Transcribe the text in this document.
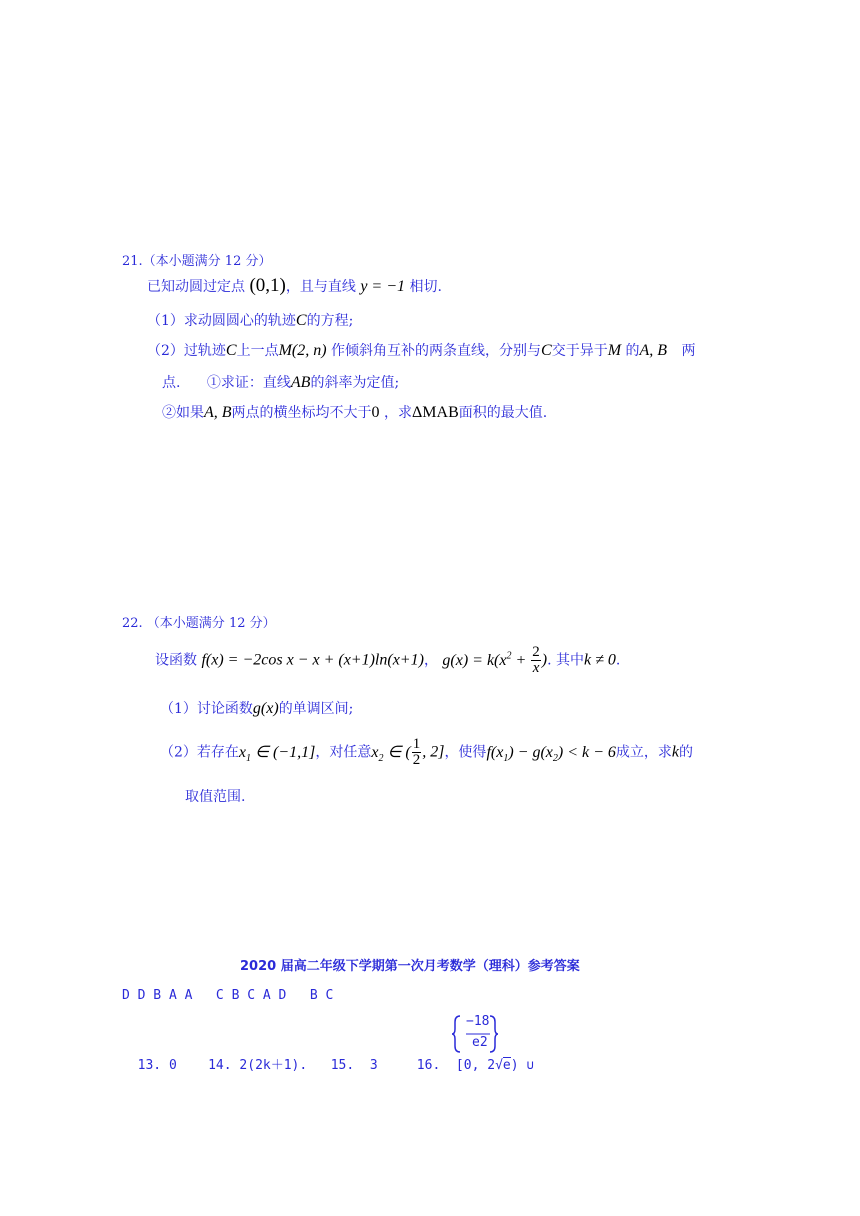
21.（本小题满分 12 分）
已知动圆过定点 (0,1)，且与直线 y = −1 相切.
（1）求动圆圆心的轨迹C的方程;
（2）过轨迹C上一点M(2, n) 作倾斜角互补的两条直线，分别与C交于异于M 的A, B 两
点. ①求证：直线AB的斜率为定值;
②如果A, B两点的横坐标均不大于0 ，求ΔMAB面积的最大值.
22. （本小题满分 12 分）
设函数 f(x) = −2cos x − x + (x+1)ln(x+1)， $g(x) = k(x^2 + \frac{2}{x}$ ). 其中k ≠ 0.
（1）讨论函数g(x)的单调区间;
（2）若存在$x_1$ ∈ (−1,1]，对任意$x_2$ ∈ ( $\frac{1}{2}$ , 2]，使得$f(x_1) - g(x_2) < k - 6$成立，求k的
取值范围.
2020 届高二年级下学期第一次月考数学（理科）参考答案
D D B A A   C B C A D   B C

13. 0 14. 2(2k＋1). 15.  3	16.  [0, 2√e) ∪

−18
e2
